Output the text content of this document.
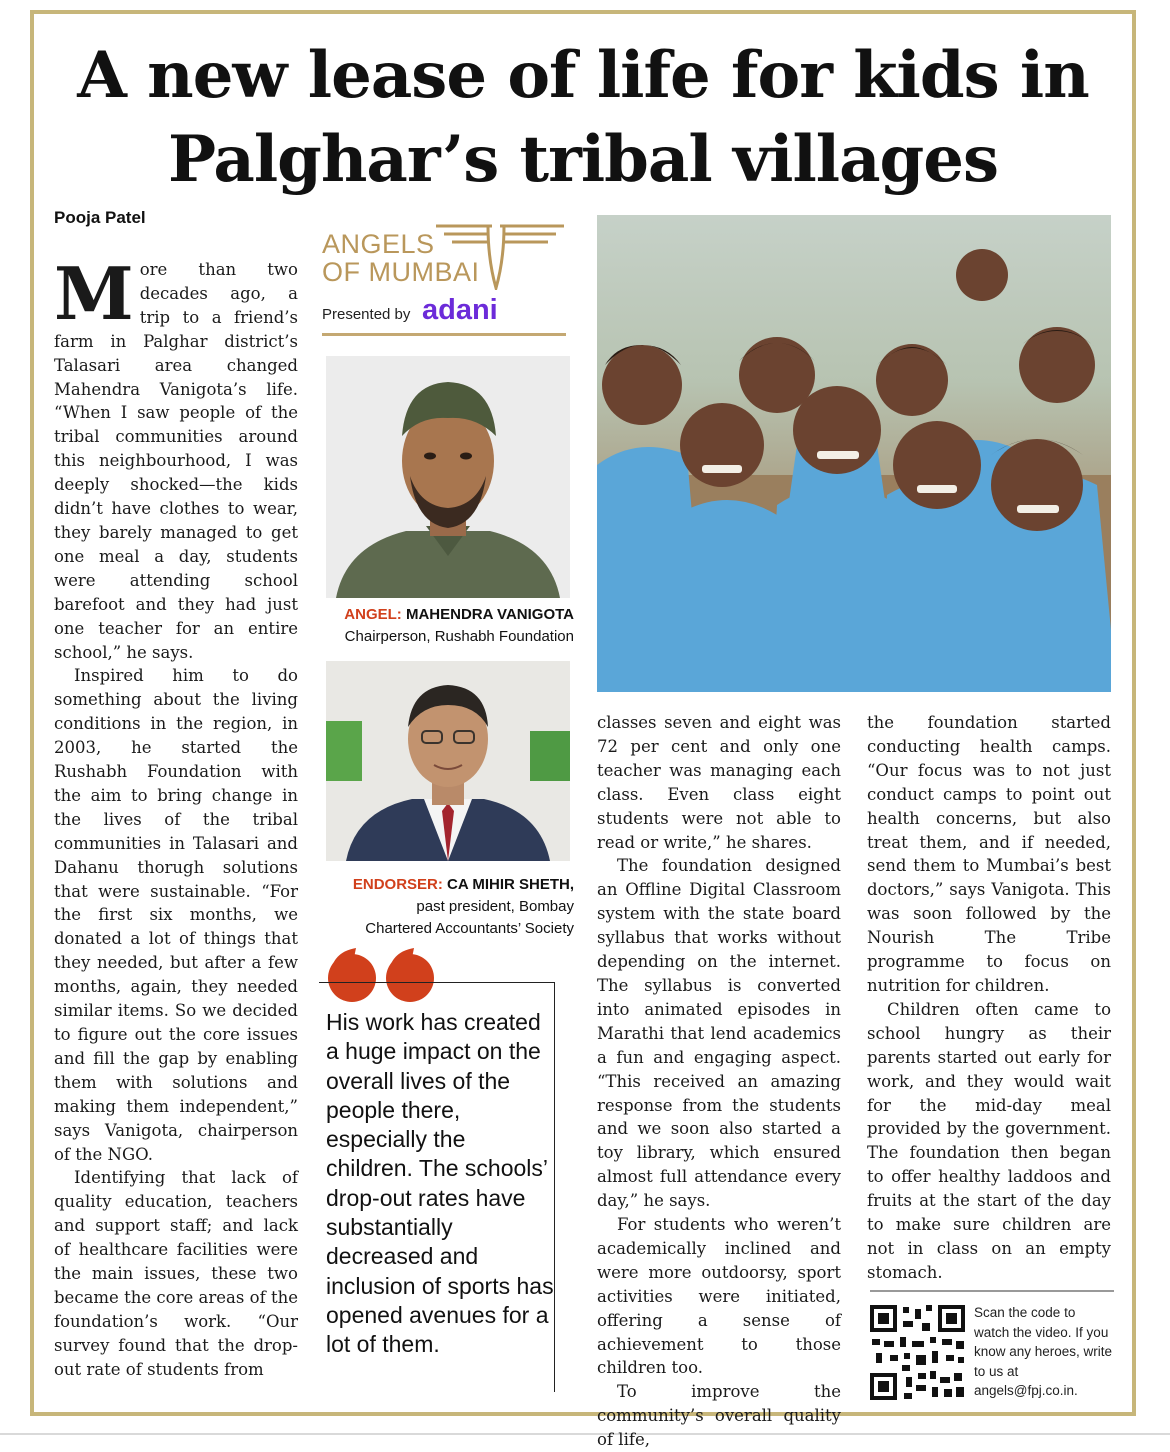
A new lease of life for kids in Palghar’s tribal villages
Pooja Patel

More than two decades ago, a trip to a friend’s farm in Palghar district’s Talasari area changed Mahendra Vanigota’s life. “When I saw people of the tribal communities around this neighbourhood, I was deeply shocked—the kids didn’t have clothes to wear, they barely managed to get one meal a day, students were attending school barefoot and they had just one teacher for an entire school,” he says.

Inspired him to do something about the living conditions in the region, in 2003, he started the Rushabh Foundation with the aim to bring change in the lives of the tribal communities in Talasari and Dahanu thorugh solutions that were sustainable. “For the first six months, we donated a lot of things that they needed, but after a few months, again, they needed similar items. So we decided to figure out the core issues and fill the gap by enabling them with solutions and making them independent,” says Vanigota, chairperson of the NGO.

Identifying that lack of quality education, teachers and support staff; and lack of healthcare facilities were the main issues, these two became the core areas of the foundation’s work. “Our survey found that the drop-out rate of students from

ANGELS
OF MUMBAI
Presented by adani
ANGEL: MAHENDRA VANIGOTA
Chairperson, Rushabh Foundation
ENDORSER: CA MIHIR SHETH,
past president, Bombay
Chartered Accountants’ Society
His work has created a huge impact on the overall lives of the people there, especially the children. The schools’ drop-out rates have substantially decreased and inclusion of sports has opened avenues for a lot of them.

classes seven and eight was 72 per cent and only one teacher was managing each class. Even class eight students were not able to read or write,” he shares.

The foundation designed an Offline Digital Classroom system with the state board syllabus that works without depending on the internet. The syllabus is converted into animated episodes in Marathi that lend academics a fun and engaging aspect. “This received an amazing response from the students and we soon also started a toy library, which ensured almost full attendance every day,” he says.

For students who weren’t academically inclined and were more outdoorsy, sport activities were initiated, offering a sense of achievement to those children too.

To improve the community’s overall quality of life,

the foundation started conducting health camps. “Our focus was to not just conduct camps to point out health concerns, but also treat them, and if needed, send them to Mumbai’s best doctors,” says Vanigota. This was soon followed by the Nourish The Tribe programme to focus on nutrition for children.

Children often came to school hungry as their parents started out early for work, and they would wait for the mid-day meal provided by the government. The foundation then began to offer healthy laddoos and fruits at the start of the day to make sure children are not in class on an empty stomach.

Scan the code to watch the video. If you know any heroes, write to us at angels@fpj.co.in.
